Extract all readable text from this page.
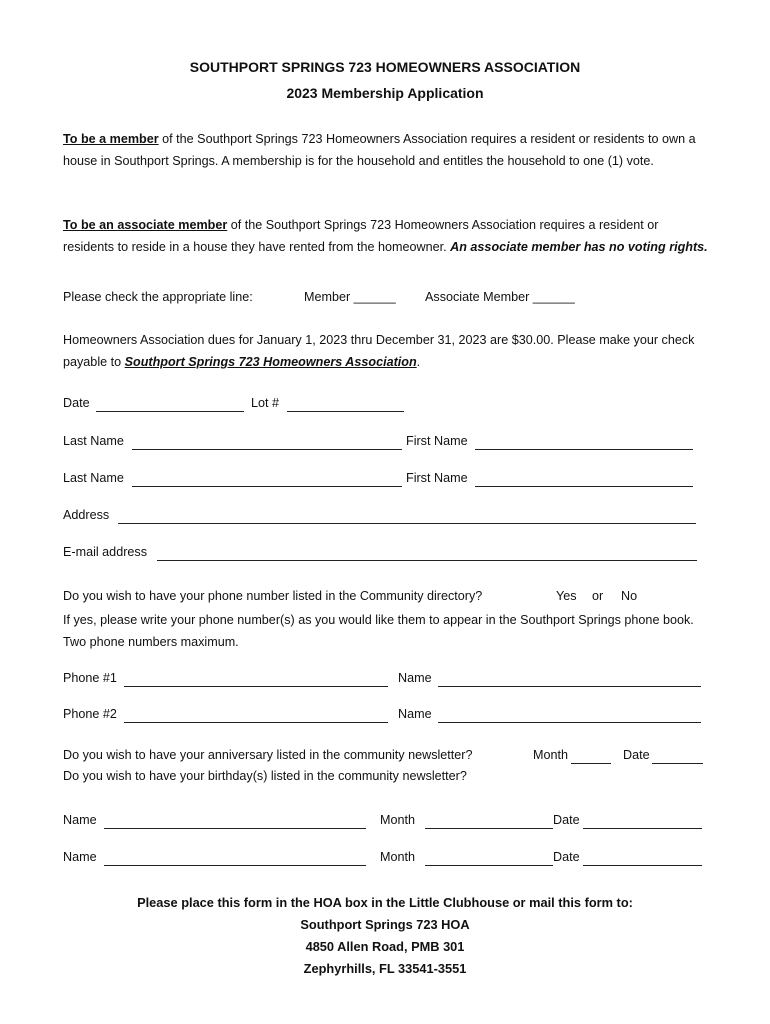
SOUTHPORT SPRINGS 723 HOMEOWNERS ASSOCIATION
2023 Membership Application
To be a member of the Southport Springs 723 Homeowners Association requires a resident or residents to own a house in Southport Springs. A membership is for the household and entitles the household to one (1) vote.
To be an associate member of the Southport Springs 723 Homeowners Association requires a resident or residents to reside in a house they have rented from the homeowner. An associate member has no voting rights.
Please check the appropriate line:	Member ______ Associate Member ______
Homeowners Association dues for January 1, 2023 thru December 31, 2023 are $30.00. Please make your check payable to Southport Springs 723 Homeowners Association.
Date	Lot #
Last Name	First Name
Last Name	First Name
Address
E-mail address
Do you wish to have your phone number listed in the Community directory?	Yes or No
If yes, please write your phone number(s) as you would like them to appear in the Southport Springs phone book. Two phone numbers maximum.
Phone #1	Name
Phone #2	Name
Do you wish to have your anniversary listed in the community newsletter?	Month	Date
Do you wish to have your birthday(s) listed in the community newsletter?
Name	Month	Date
Name	Month	Date
Please place this form in the HOA box in the Little Clubhouse or mail this form to:
Southport Springs 723 HOA
4850 Allen Road, PMB 301
Zephyrhills, FL 33541-3551
